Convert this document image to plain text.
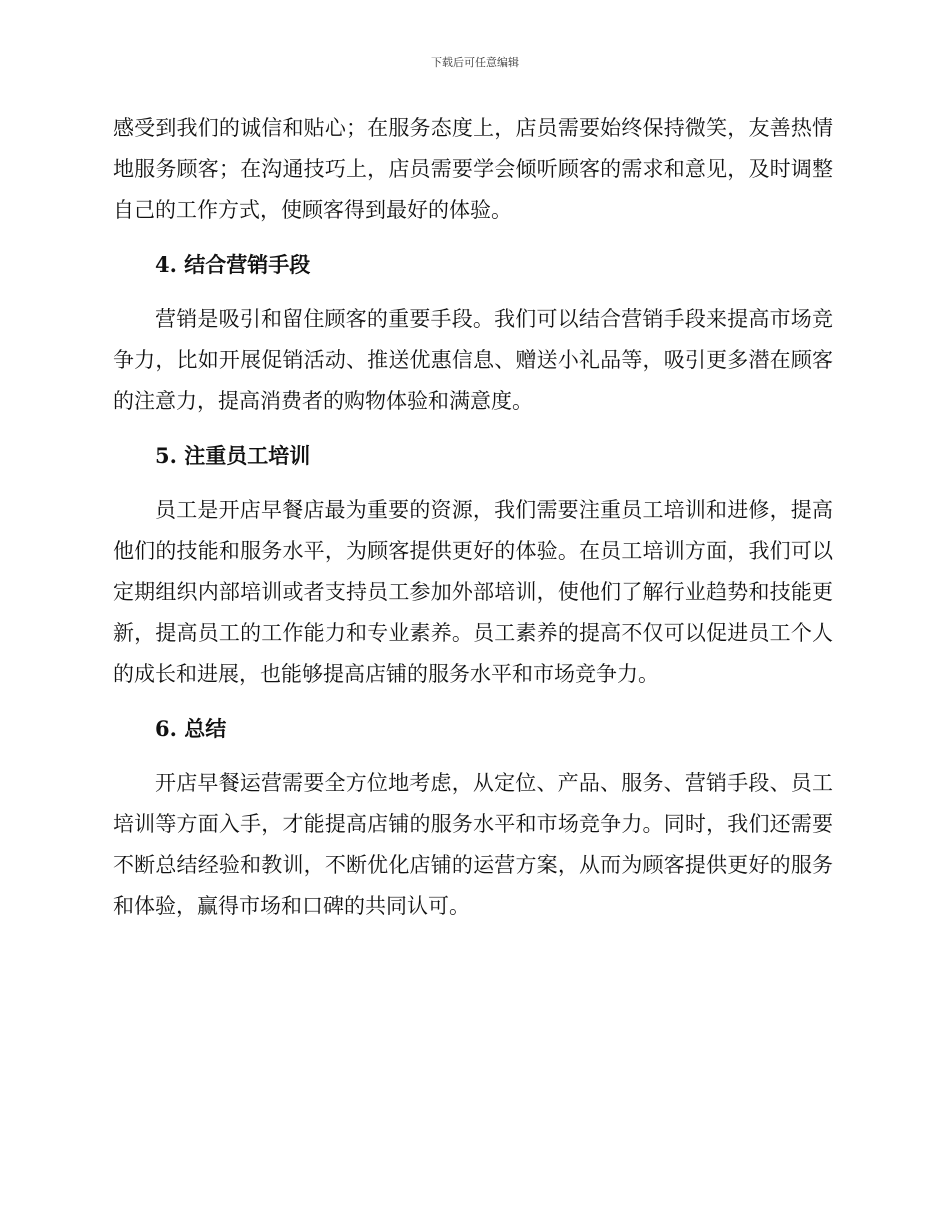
下载后可任意编辑

感受到我们的诚信和贴心；在服务态度上，店员需要始终保持微笑，友善热情地服务顾客；在沟通技巧上，店员需要学会倾听顾客的需求和意见，及时调整自己的工作方式，使顾客得到最好的体验。

4. 结合营销手段

营销是吸引和留住顾客的重要手段。我们可以结合营销手段来提高市场竞争力，比如开展促销活动、推送优惠信息、赠送小礼品等，吸引更多潜在顾客的注意力，提高消费者的购物体验和满意度。

5. 注重员工培训

员工是开店早餐店最为重要的资源，我们需要注重员工培训和进修，提高他们的技能和服务水平，为顾客提供更好的体验。在员工培训方面，我们可以定期组织内部培训或者支持员工参加外部培训，使他们了解行业趋势和技能更新，提高员工的工作能力和专业素养。员工素养的提高不仅可以促进员工个人的成长和进展，也能够提高店铺的服务水平和市场竞争力。

6. 总结

开店早餐运营需要全方位地考虑，从定位、产品、服务、营销手段、员工培训等方面入手，才能提高店铺的服务水平和市场竞争力。同时，我们还需要不断总结经验和教训，不断优化店铺的运营方案，从而为顾客提供更好的服务和体验，赢得市场和口碑的共同认可。
